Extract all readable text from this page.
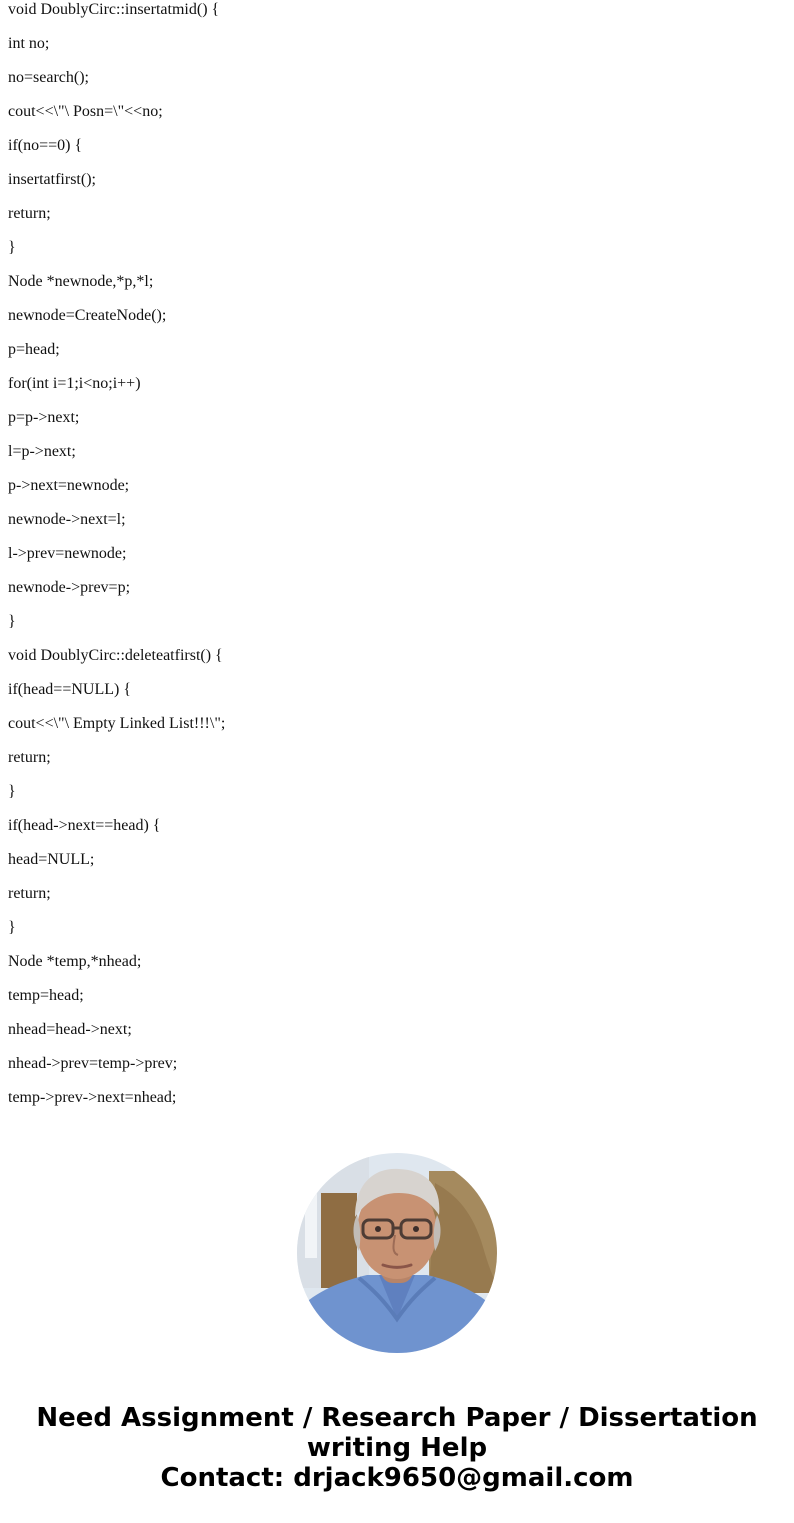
void DoublyCirc::insertatmid() {
int no;
no=search();
cout<<\"\ Posn=\"<<no;
if(no==0) {
insertatfirst();
return;
}
Node *newnode,*p,*l;
newnode=CreateNode();
p=head;
for(int i=1;i<no;i++)
p=p->next;
l=p->next;
p->next=newnode;
newnode->next=l;
l->prev=newnode;
newnode->prev=p;
}
void DoublyCirc::deleteatfirst() {
if(head==NULL) {
cout<<\"\ Empty Linked List!!!\";
return;
}
if(head->next==head) {
head=NULL;
return;
}
Node *temp,*nhead;
temp=head;
nhead=head->next;
nhead->prev=temp->prev;
temp->prev->next=nhead;
Need Assignment / Research Paper / Dissertation
writing Help
Contact: drjack9650@gmail.com
